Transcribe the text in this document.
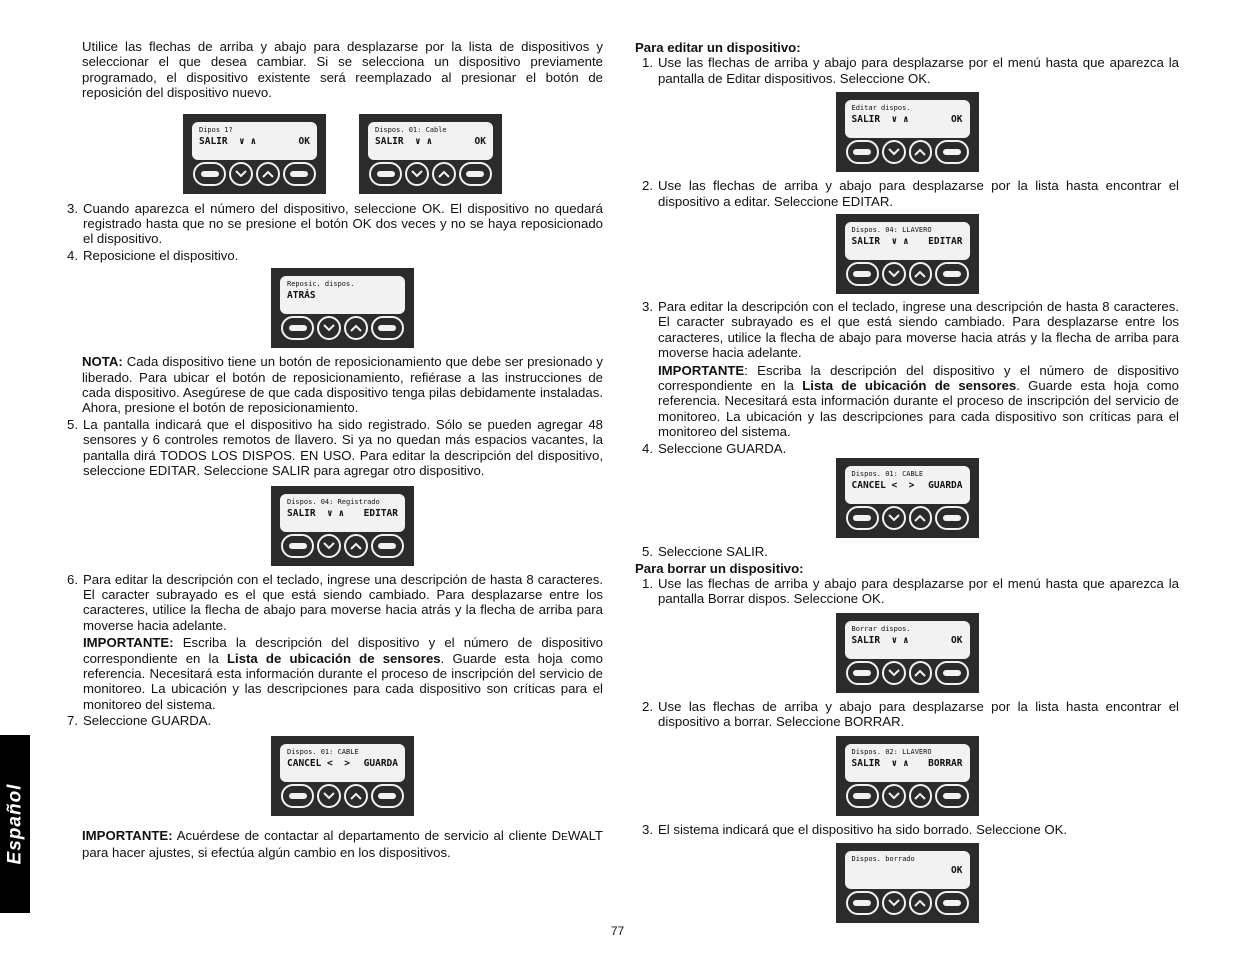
Español

Utilice las flechas de arriba y abajo para desplazarse por la lista de dispositivos y seleccionar el que desea cambiar. Si se selecciona un dispositivo previamente programado, el dispositivo existente será reemplazado al presionar el botón de reposición del dispositivo nuevo.

Dipos 1?
SALIR  ∨ ∧	OK
Dispos. 01: Cable
SALIR  ∨ ∧	OK
3. Cuando aparezca el número del dispositivo, seleccione OK. El dispositivo no quedará registrado hasta que no se presione el botón OK dos veces y no se haya reposicionado el dispositivo.
4. Reposicione el dispositivo.
Reposic. dispos.
ATRÁS

NOTA: Cada dispositivo tiene un botón de reposicionamiento que debe ser presionado y liberado. Para ubicar el botón de reposicionamiento, refiérase a las instrucciones de cada dispositivo. Asegúrese de que cada dispositivo tenga pilas debidamente instaladas. Ahora, presione el botón de reposicionamiento.

5. La pantalla indicará que el dispositivo ha sido registrado. Sólo se pueden agregar 48 sensores y 6 controles remotos de llavero. Si ya no quedan más espacios vacantes, la pantalla dirá TODOS LOS DISPOS. EN USO. Para editar la descripción del dispositivo, seleccione EDITAR. Seleccione SALIR para agregar otro dispositivo.
Dispos. 04: Registrado
SALIR  ∨ ∧ EDITAR
6. Para editar la descripción con el teclado, ingrese una descripción de hasta 8 caracteres. El caracter subrayado es el que está siendo cambiado. Para desplazarse entre los caracteres, utilice la flecha de abajo para moverse hacia atrás y la flecha de arriba para moverse hacia adelante.

IMPORTANTE: Escriba la descripción del dispositivo y el número de dispositivo correspondiente en la Lista de ubicación de sensores. Guarde esta hoja como referencia. Necesitará esta información durante el proceso de inscripción del servicio de monitoreo. La ubicación y las descripciones para cada dispositivo son críticas para el monitoreo del sistema.

7. Seleccione GUARDA.
Dispos. 01: CABLE
CANCEL <  > GUARDA

IMPORTANTE: Acuérdese de contactar al departamento de servicio al cliente DEWALT para hacer ajustes, si efectúa algún cambio en los dispositivos.

Para editar un dispositivo:

1. Use las flechas de arriba y abajo para desplazarse por el menú hasta que aparezca la pantalla de Editar dispositivos. Seleccione OK.
Editar dispos.
SALIR  ∨ ∧	OK
2. Use las flechas de arriba y abajo para desplazarse por la lista hasta encontrar el dispositivo a editar. Seleccione EDITAR.
Dispos. 04: LLAVERO
SALIR  ∨ ∧ EDITAR
3. Para editar la descripción con el teclado, ingrese una descripción de hasta 8 caracteres. El caracter subrayado es el que está siendo cambiado. Para desplazarse entre los caracteres, utilice la flecha de abajo para moverse hacia atrás y la flecha de arriba para moverse hacia adelante.

IMPORTANTE: Escriba la descripción del dispositivo y el número de dispositivo correspondiente en la Lista de ubicación de sensores. Guarde esta hoja como referencia. Necesitará esta información durante el proceso de inscripción del servicio de monitoreo. La ubicación y las descripciones para cada dispositivo son críticas para el monitoreo del sistema.

4. Seleccione GUARDA.
Dispos. 01: CABLE
CANCEL <  > GUARDA
5. Seleccione SALIR.

Para borrar un dispositivo:

1. Use las flechas de arriba y abajo para desplazarse por el menú hasta que aparezca la pantalla Borrar dispos. Seleccione OK.
Borrar dispos.
SALIR  ∨ ∧	OK
2. Use las flechas de arriba y abajo para desplazarse por la lista hasta encontrar el dispositivo a borrar. Seleccione BORRAR.
Dispos. 02: LLAVERO
SALIR  ∨ ∧ BORRAR
3. El sistema indicará que el dispositivo ha sido borrado. Seleccione OK.
Dispos. borrado
OK
77
